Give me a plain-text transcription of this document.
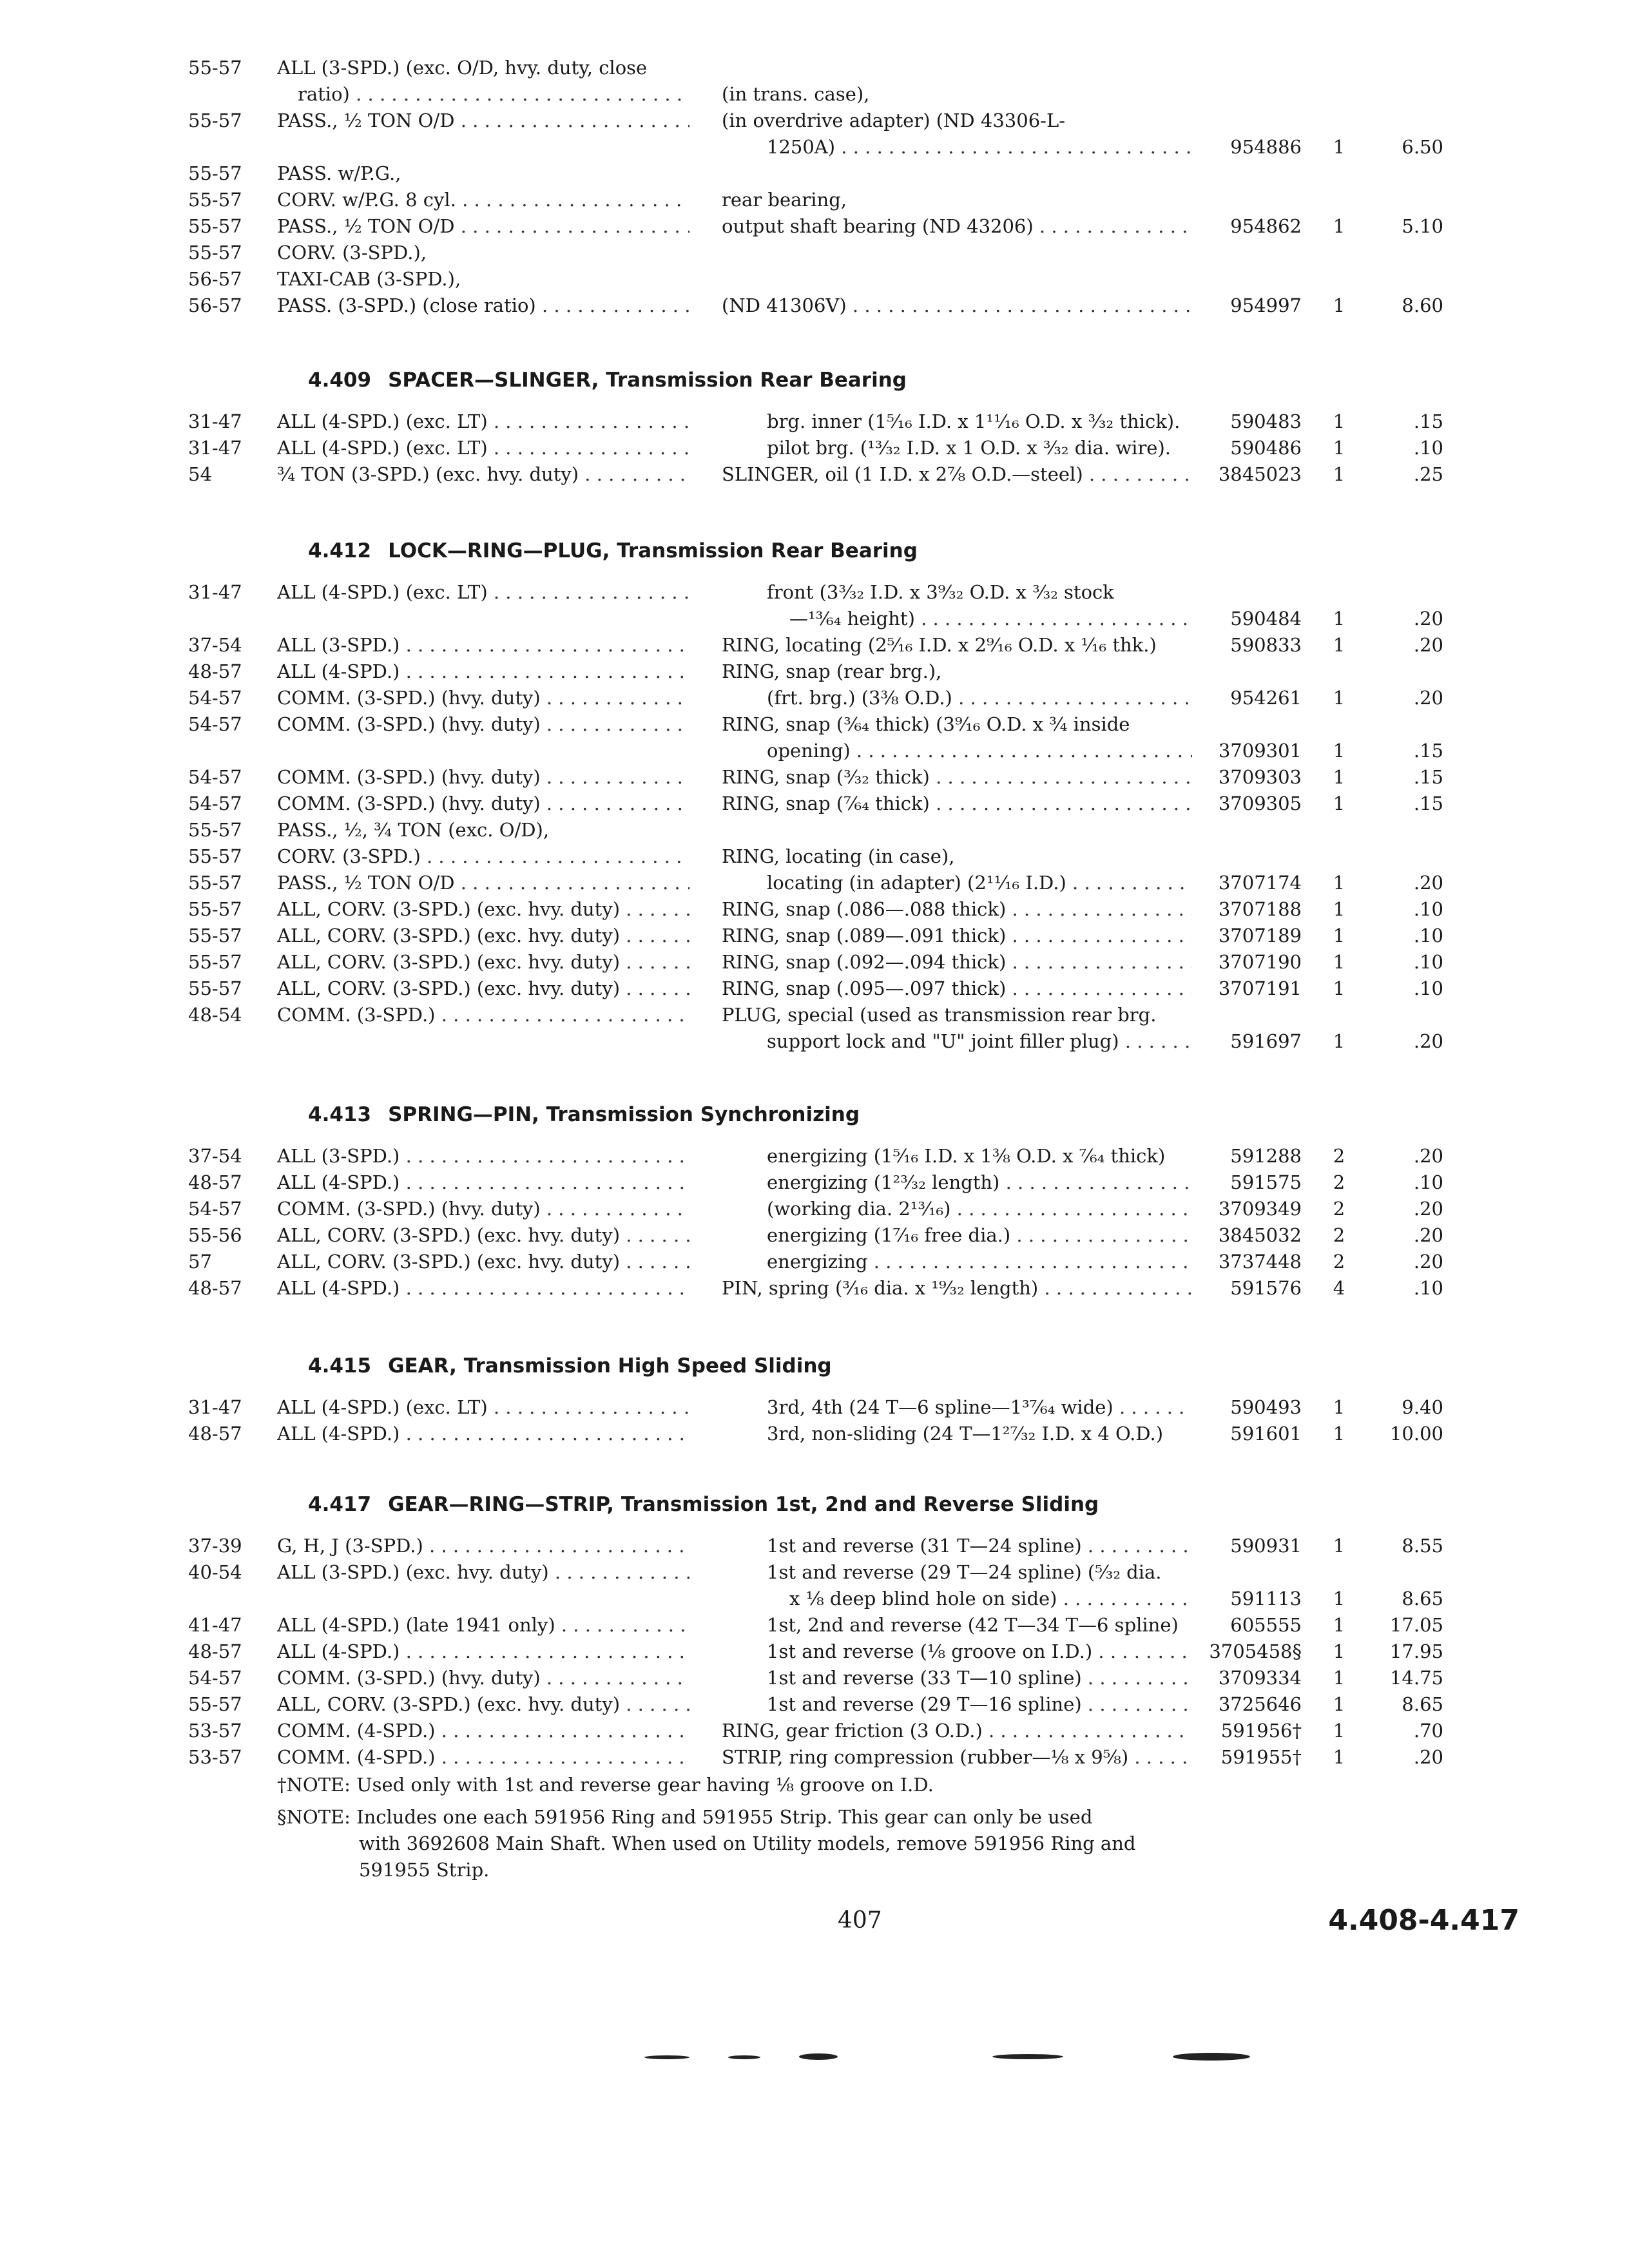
55-57	ALL (3-SPD.) (exc. O/D, hvy. duty, close
ratio) . . .	(in trans. case),
55-57	PASS., ½ TON O/D . . .	(in overdrive adapter) (ND 43306-L-
1250A) . . .	954886	1	6.50
55-57	PASS. w/P.G.,
55-57	CORV. w/P.G. 8 cyl. . . .	rear bearing,
55-57	PASS., ½ TON O/D . . .	output shaft bearing (ND 43206) . . .	954862	1	5.10
55-57	CORV. (3-SPD.),
56-57	TAXI-CAB (3-SPD.),
56-57	PASS. (3-SPD.) (close ratio) . . .	(ND 41306V) . . .	954997	1	8.60
4.409 SPACER—SLINGER, Transmission Rear Bearing
31-47	ALL (4-SPD.) (exc. LT) . . .	brg. inner (1⁵⁄₁₆ I.D. x 1¹¹⁄₁₆ O.D. x ³⁄₃₂ thick).	590483	1	.15
31-47	ALL (4-SPD.) (exc. LT) . . .	pilot brg. (¹³⁄₃₂ I.D. x 1 O.D. x ³⁄₃₂ dia. wire).	590486	1	.10
54	¾ TON (3-SPD.) (exc. hvy. duty) . . .	SLINGER, oil (1 I.D. x 2⅞ O.D.—steel) . . .	3845023	1	.25
4.412 LOCK—RING—PLUG, Transmission Rear Bearing
31-47	ALL (4-SPD.) (exc. LT) . . .	front (3³⁄₃₂ I.D. x 3⁹⁄₃₂ O.D. x ³⁄₃₂ stock
—¹³⁄₆₄ height) . . .	590484	1	.20
37-54	ALL (3-SPD.) . . .	RING, locating (2⁵⁄₁₆ I.D. x 2⁹⁄₁₆ O.D. x ¹⁄₁₆ thk.)	590833	1	.20
48-57	ALL (4-SPD.) . . .	RING, snap (rear brg.),
54-57	COMM. (3-SPD.) (hvy. duty) . . .	(frt. brg.) (3⅜ O.D.) . . .	954261	1	.20
54-57	COMM. (3-SPD.) (hvy. duty) . . .	RING, snap (³⁄₆₄ thick) (3⁹⁄₁₆ O.D. x ¾ inside
opening) . . .	3709301	1	.15
54-57	COMM. (3-SPD.) (hvy. duty) . . .	RING, snap (³⁄₃₂ thick) . . .	3709303	1	.15
54-57	COMM. (3-SPD.) (hvy. duty) . . .	RING, snap (⁷⁄₆₄ thick) . . .	3709305	1	.15
55-57	PASS., ½, ¾ TON (exc. O/D),
55-57	CORV. (3-SPD.) . . .	RING, locating (in case),
55-57	PASS., ½ TON O/D . . .	locating (in adapter) (2¹¹⁄₁₆ I.D.) . . .	3707174	1	.20
55-57	ALL, CORV. (3-SPD.) (exc. hvy. duty) . . .	RING, snap (.086—.088 thick) . . .	3707188	1	.10
55-57	ALL, CORV. (3-SPD.) (exc. hvy. duty) . . .	RING, snap (.089—.091 thick) . . .	3707189	1	.10
55-57	ALL, CORV. (3-SPD.) (exc. hvy. duty) . . .	RING, snap (.092—.094 thick) . . .	3707190	1	.10
55-57	ALL, CORV. (3-SPD.) (exc. hvy. duty) . . .	RING, snap (.095—.097 thick) . . .	3707191	1	.10
48-54	COMM. (3-SPD.) . . .	PLUG, special (used as transmission rear brg.
support lock and "U" joint filler plug) . . .	591697	1	.20
4.413 SPRING—PIN, Transmission Synchronizing
37-54	ALL (3-SPD.) . . .	energizing (1⁵⁄₁₆ I.D. x 1⅜ O.D. x ⁷⁄₆₄ thick)	591288	2	.20
48-57	ALL (4-SPD.) . . .	energizing (1²³⁄₃₂ length) . . .	591575	2	.10
54-57	COMM. (3-SPD.) (hvy. duty) . . .	(working dia. 2¹³⁄₁₆) . . .	3709349	2	.20
55-56	ALL, CORV. (3-SPD.) (exc. hvy. duty) . . .	energizing (1⁷⁄₁₆ free dia.) . . .	3845032	2	.20
57	ALL, CORV. (3-SPD.) (exc. hvy. duty) . . .	energizing . . .	3737448	2	.20
48-57	ALL (4-SPD.) . . .	PIN, spring (³⁄₁₆ dia. x ¹⁹⁄₃₂ length) . . .	591576	4	.10
4.415 GEAR, Transmission High Speed Sliding
31-47	ALL (4-SPD.) (exc. LT) . . .	3rd, 4th (24 T—6 spline—1³⁷⁄₆₄ wide) . . .	590493	1	9.40
48-57	ALL (4-SPD.) . . .	3rd, non-sliding (24 T—1²⁷⁄₃₂ I.D. x 4 O.D.)	591601	1	10.00
4.417 GEAR—RING—STRIP, Transmission 1st, 2nd and Reverse Sliding
37-39	G, H, J (3-SPD.) . . .	1st and reverse (31 T—24 spline) . . .	590931	1	8.55
40-54	ALL (3-SPD.) (exc. hvy. duty) . . .	1st and reverse (29 T—24 spline) (⁵⁄₃₂ dia.
x ⅛ deep blind hole on side) . . .	591113	1	8.65
41-47	ALL (4-SPD.) (late 1941 only) . . .	1st, 2nd and reverse (42 T—34 T—6 spline)	605555	1	17.05
48-57	ALL (4-SPD.) . . .	1st and reverse (⅛ groove on I.D.) . . .	3705458§	1	17.95
54-57	COMM. (3-SPD.) (hvy. duty) . . .	1st and reverse (33 T—10 spline) . . .	3709334	1	14.75
55-57	ALL, CORV. (3-SPD.) (exc. hvy. duty) . . .	1st and reverse (29 T—16 spline) . . .	3725646	1	8.65
53-57	COMM. (4-SPD.) . . .	RING, gear friction (3 O.D.) . . .	591956†	1	.70
53-57	COMM. (4-SPD.) . . .	STRIP, ring compression (rubber—⅛ x 9⅝) . . .	591955†	1	.20
†NOTE: Used only with 1st and reverse gear having ⅛ groove on I.D.
§NOTE: Includes one each 591956 Ring and 591955 Strip. This gear can only be used
with 3692608 Main Shaft. When used on Utility models, remove 591956 Ring and
591955 Strip.
407	4.408-4.417
